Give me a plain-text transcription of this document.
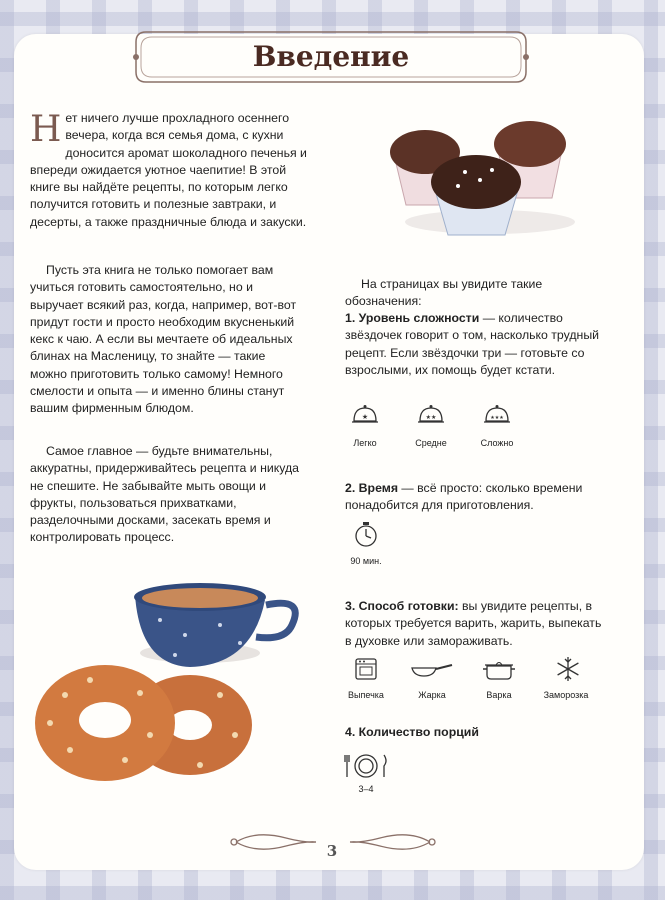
Введение

Нет ничего лучше прохладного осеннего вечера, когда вся семья дома, с кухни доносится аромат шоколадного печенья и впереди ожидается уютное чаепитие! В этой книге вы найдёте рецепты, по которым легко получится готовить и полезные завтраки, и десерты, а также праздничные блюда и закуски.

Пусть эта книга не только помогает вам учиться готовить самостоятельно, но и выручает всякий раз, когда, например, вот-вот придут гости и просто необходим вкусненький кекс к чаю. А если вы мечтаете об идеальных блинах на Масленицу, то знайте — такие можно приготовить только самому! Немного смелости и опыта — и именно блины станут вашим фирменным блюдом.

Самое главное — будьте внимательны, аккуратны, придерживайтесь рецепта и никуда не спешите. Не забывайте мыть овощи и фрукты, пользоваться прихватками, разделочными досками, засекать время и контролировать процесс.

На страницах вы увидите такие обозначения:

1. Уровень сложности — количество звёздочек говорит о том, насколько трудный рецепт. Если звёздочки три — готовьте со взрослыми, их помощь будет кстати.

★	★★	★★★
Легко	Средне	Сложно

2. Время — всё просто: сколько времени понадобится для приготовления.

90 мин.

3. Способ готовки: вы увидите рецепты, в которых требуется варить, жарить, выпекать в духовке или замораживать.

Выпечка	Жарка	Варка	Заморозка

4. Количество порций

3–4
3
